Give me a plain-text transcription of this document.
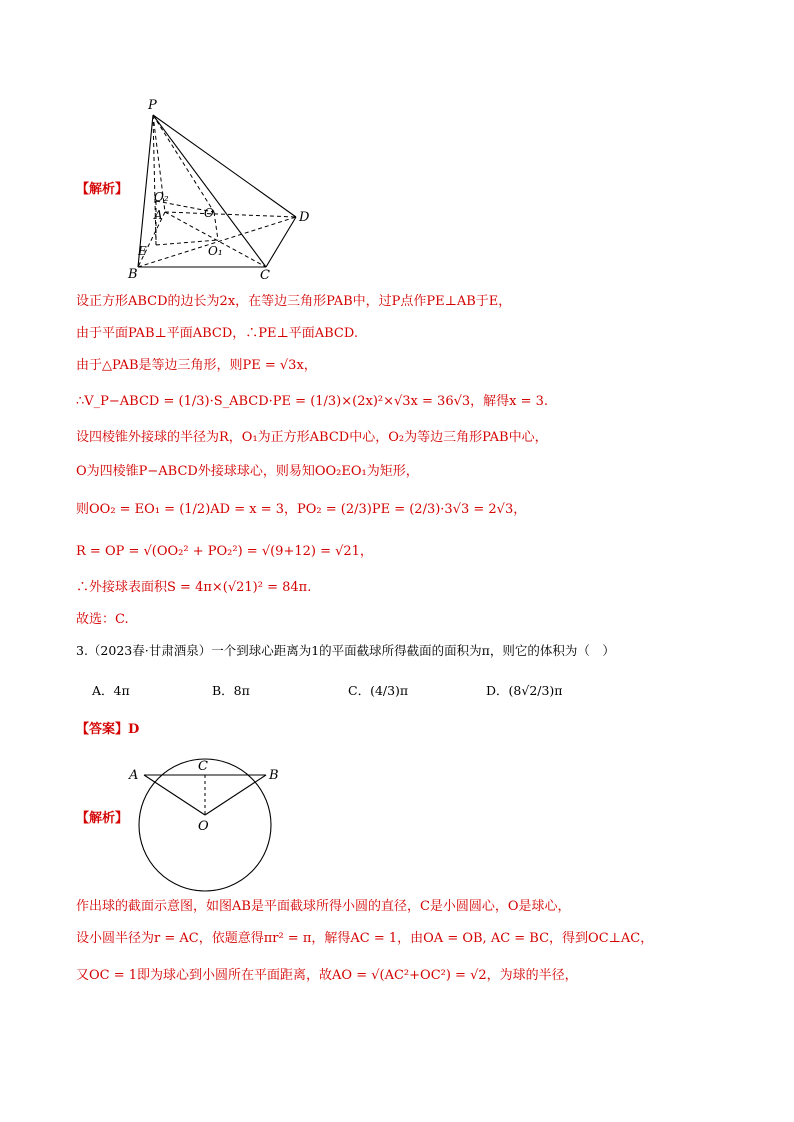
P
O₂
A	O	D
E	O₁
B	C
【解析】
设正方形ABCD的边长为2x，在等边三角形PAB中，过P点作PE⊥AB于E，
由于平面PAB⊥平面ABCD，∴PE⊥平面ABCD.
由于△PAB是等边三角形，则PE = √3x，
∴V_P−ABCD = (1/3)·S_ABCD·PE = (1/3)×(2x)²×√3x = 36√3，解得x = 3.
设四棱锥外接球的半径为R，O₁为正方形ABCD中心，O₂为等边三角形PAB中心，
O为四棱锥P−ABCD外接球球心，则易知OO₂EO₁为矩形，
则OO₂ = EO₁ = (1/2)AD = x = 3，PO₂ = (2/3)PE = (2/3)·3√3 = 2√3，
R = OP = √(OO₂² + PO₂²) = √(9+12) = √21，
∴外接球表面积S = 4π×(√21)² = 84π.
故选：C.
3.（2023春·甘肃酒泉）一个到球心距离为1的平面截球所得截面的面积为π，则它的体积为（　）
A．4π	B．8π	C．(4/3)π	D．(8√2/3)π
【答案】D
A
C
B
O
【解析】
作出球的截面示意图，如图AB是平面截球所得小圆的直径，C是小圆圆心，O是球心，
设小圆半径为r = AC，依题意得πr² = π，解得AC = 1，由OA = OB, AC = BC，得到OC⊥AC，
又OC = 1即为球心到小圆所在平面距离，故AO = √(AC²+OC²) = √2，为球的半径，
